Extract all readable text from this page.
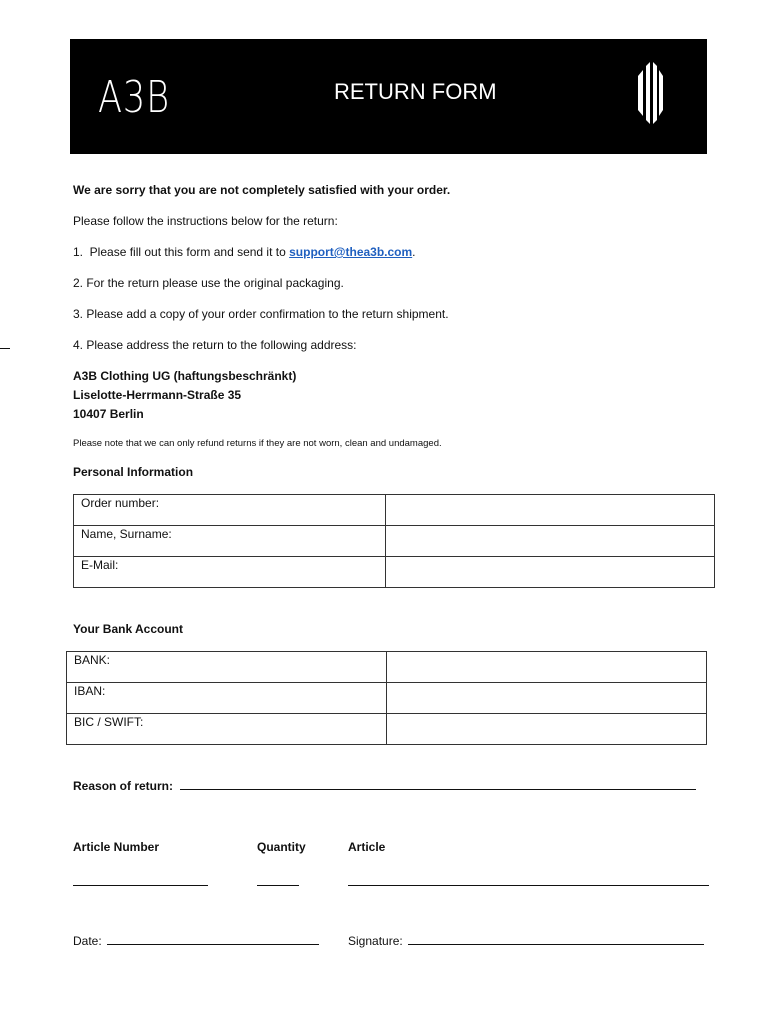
A3B	RETURN FORM
We are sorry that you are not completely satisfied with your order.
Please follow the instructions below for the return:
1.  Please fill out this form and send it to support@thea3b.com.
2. For the return please use the original packaging.
3. Please add a copy of your order confirmation to the return shipment.
4. Please address the return to the following address:
A3B Clothing UG (haftungsbeschränkt)
Liselotte-Herrmann-Straße 35
10407 Berlin
Please note that we can only refund returns if they are not worn, clean and undamaged.
Personal Information
Order number:	
Name, Surname:	
E-Mail:	
Your Bank Account
BANK:	
IBAN:	
BIC / SWIFT:	
Reason of return:
Article Number	Quantity	Article
Date:	Signature:
